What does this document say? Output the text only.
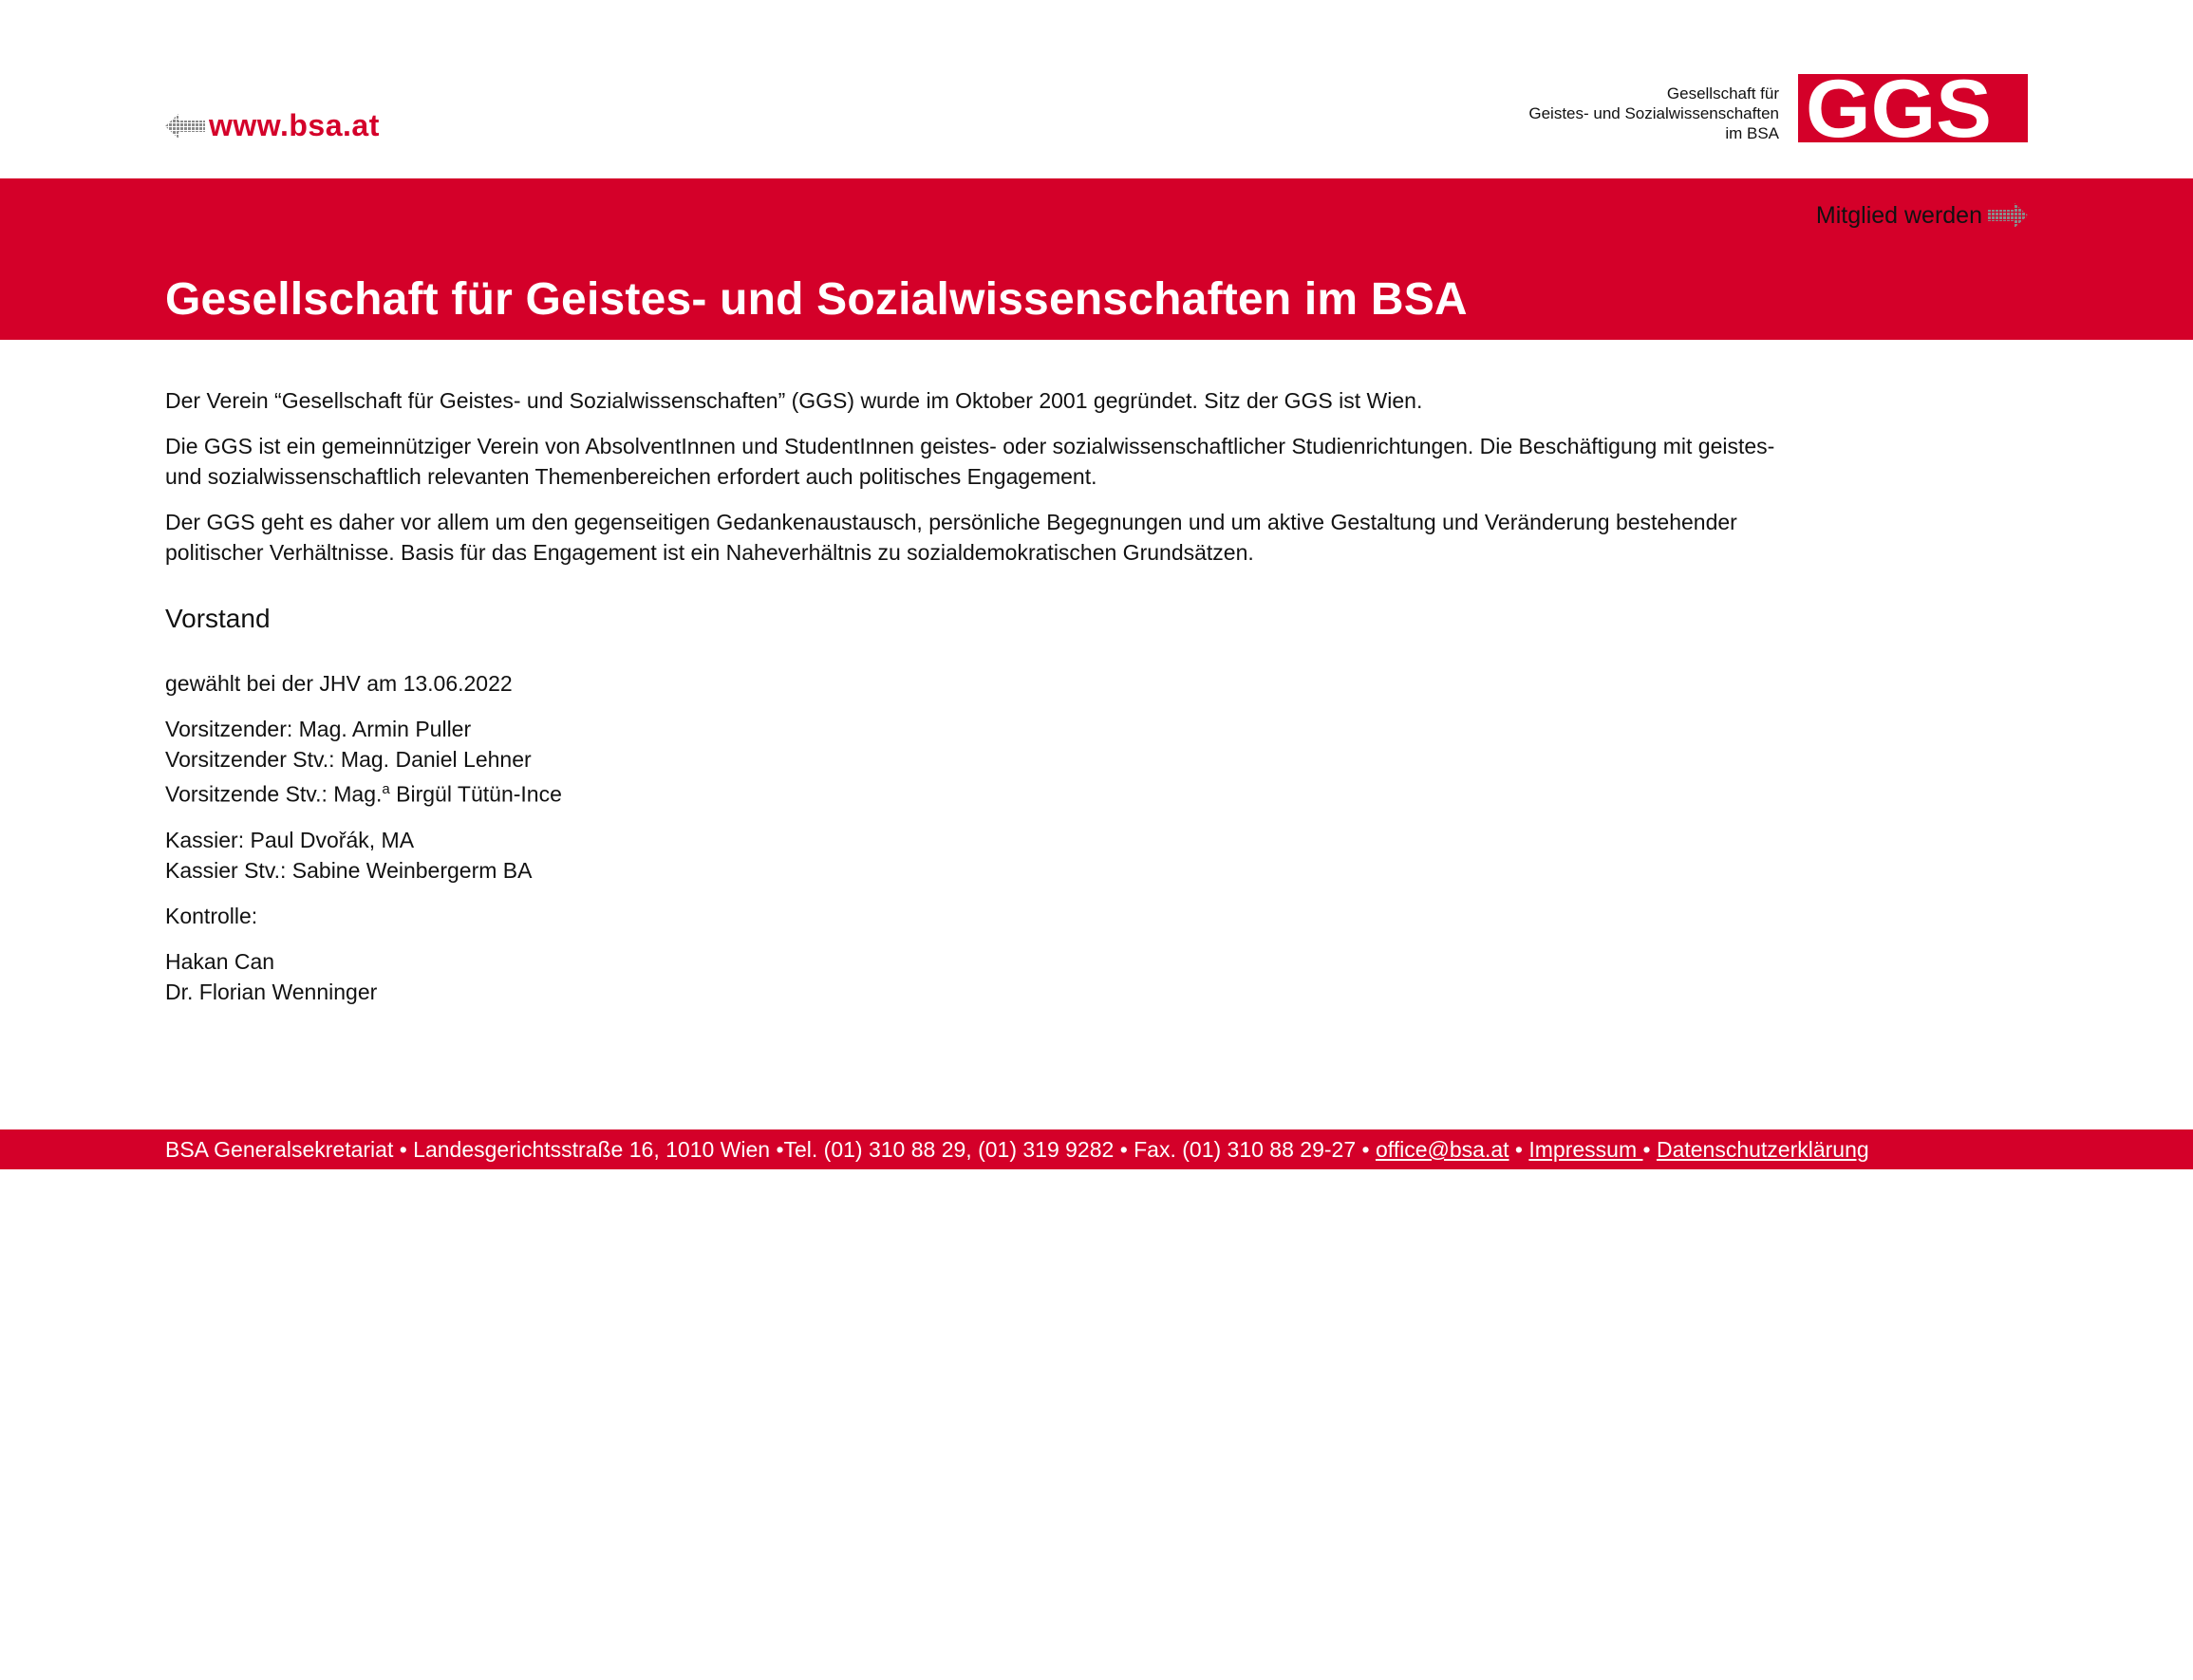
www.bsa.at
Gesellschaft für
Geistes- und Sozialwissenschaften
im BSA GGS
Mitglied werden
Gesellschaft für Geistes- und Sozialwissenschaften im BSA

Der Verein “Gesellschaft für Geistes- und Sozialwissenschaften” (GGS) wurde im Oktober 2001 gegründet. Sitz der GGS ist Wien.

Die GGS ist ein gemeinnütziger Verein von AbsolventInnen und StudentInnen geistes- oder sozialwissenschaftlicher Studienrichtungen. Die Beschäftigung mit geistes-
und sozialwissenschaftlich relevanten Themenbereichen erfordert auch politisches Engagement.

Der GGS geht es daher vor allem um den gegenseitigen Gedankenaustausch, persönliche Begegnungen und um aktive Gestaltung und Veränderung bestehender
politischer Verhältnisse. Basis für das Engagement ist ein Naheverhältnis zu sozialdemokratischen Grundsätzen.

Vorstand

gewählt bei der JHV am 13.06.2022

Vorsitzender: Mag. Armin Puller
Vorsitzender Stv.: Mag. Daniel Lehner
Vorsitzende Stv.: Mag.$^a$ Birgül Tütün-Ince

Kassier: Paul Dvořák, MA
Kassier Stv.: Sabine Weinbergerm BA

Kontrolle:

Hakan Can
Dr. Florian Wenninger

BSA Generalsekretariat • Landesgerichtsstraße 16, 1010 Wien •Tel. (01) 310 88 29, (01) 319 9282 • Fax. (01) 310 88 29-27 • office@bsa.at • Impressum • Datenschutzerklärung
